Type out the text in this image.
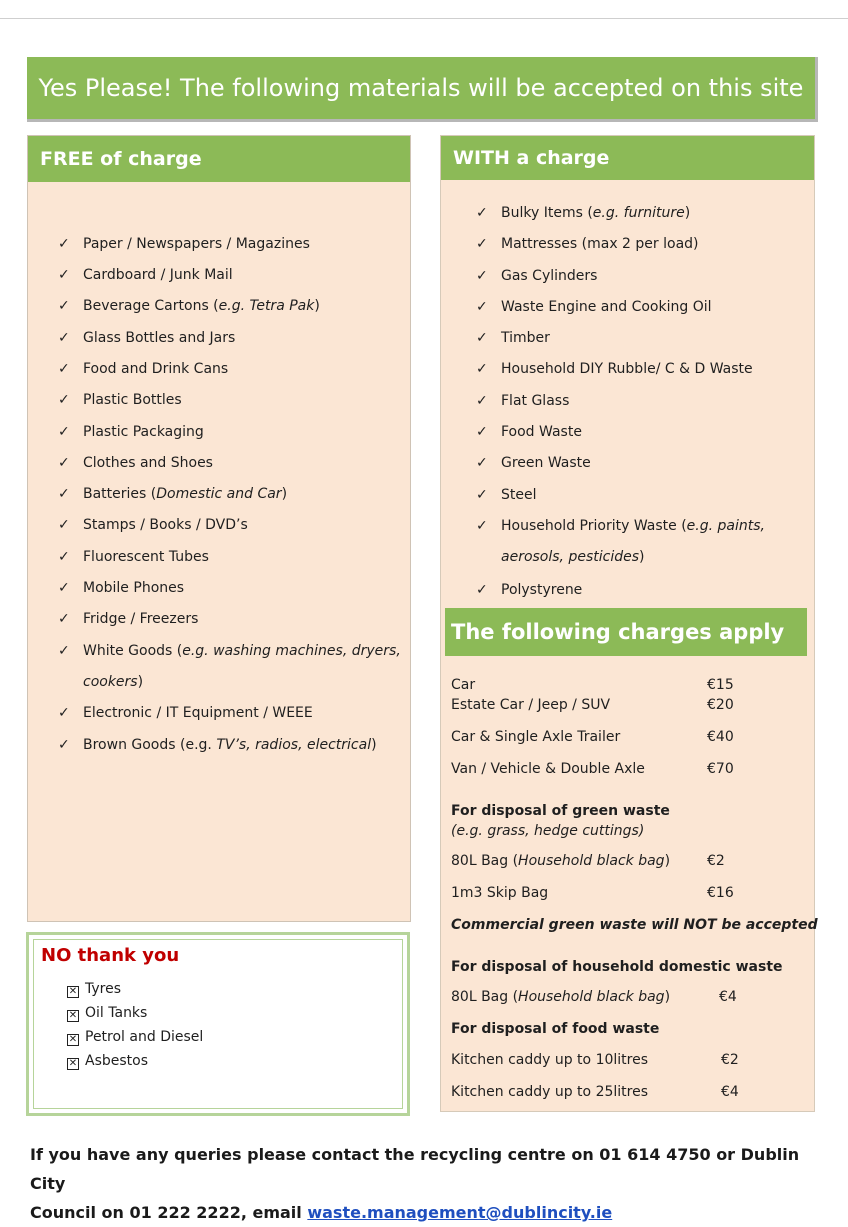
Yes Please! The following materials will be accepted on this site
FREE of charge
✓ Paper / Newspapers / Magazines
✓ Cardboard / Junk Mail
✓ Beverage Cartons (e.g. Tetra Pak)
✓ Glass Bottles and Jars
✓ Food and Drink Cans
✓ Plastic Bottles
✓ Plastic Packaging
✓ Clothes and Shoes
✓ Batteries (Domestic and Car)
✓ Stamps / Books / DVD’s
✓ Fluorescent Tubes
✓ Mobile Phones
✓ Fridge / Freezers
✓ White Goods (e.g. washing machines, dryers,
cookers)
✓ Electronic / IT Equipment / WEEE
✓ Brown Goods (e.g. TV’s, radios, electrical)
WITH a charge
✓ Bulky Items (e.g. furniture)
✓ Mattresses (max 2 per load)
✓ Gas Cylinders
✓ Waste Engine and Cooking Oil
✓ Timber
✓ Household DIY Rubble/ C & D Waste
✓ Flat Glass
✓ Food Waste
✓ Green Waste
✓ Steel
✓ Household Priority Waste (e.g. paints,
aerosols, pesticides)
✓ Polystyrene
The following charges apply
Car	€15
Estate Car / Jeep / SUV	€20
Car & Single Axle Trailer	€40
Van / Vehicle & Double Axle	€70
For disposal of green waste
(e.g. grass, hedge cuttings)
80L Bag (Household black bag)	€2
1m3 Skip Bag	€16
Commercial green waste will NOT be accepted
For disposal of household domestic waste
80L Bag (Household black bag)	€4
For disposal of food waste
Kitchen caddy up to 10litres	€2
Kitchen caddy up to 25litres	€4
NO thank you
✕ Tyres
✕ Oil Tanks
✕ Petrol and Diesel
✕ Asbestos
If you have any queries please contact the recycling centre on 01 614 4750 or Dublin City
Council on 01 222 2222, email waste.management@dublincity.ie
